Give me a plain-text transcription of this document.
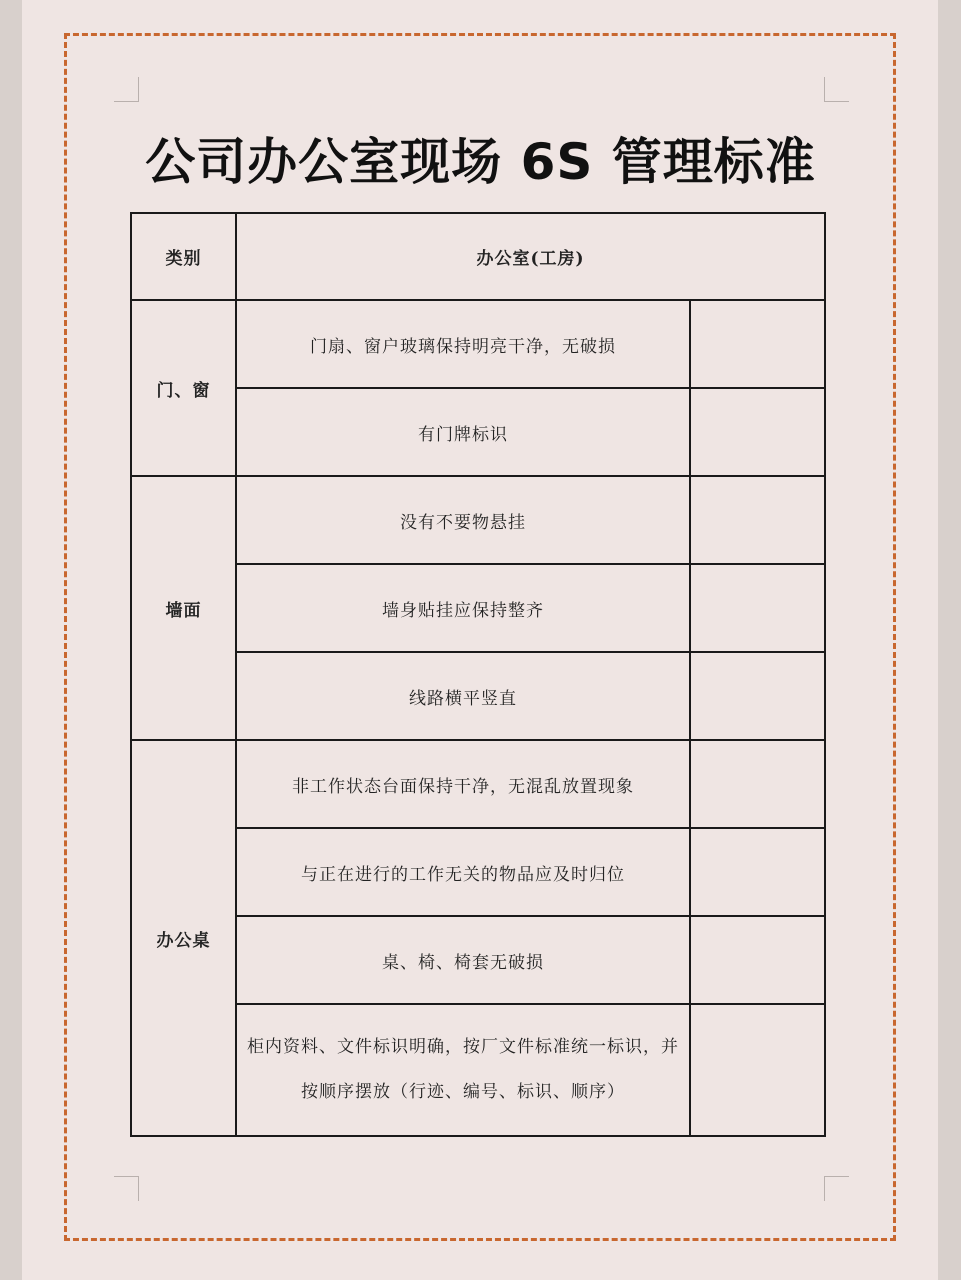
公司办公室现场 6S 管理标准
类别	办公室(工房)	
门、窗	门扇、窗户玻璃保持明亮干净，无破损	
	有门牌标识	
墙面	没有不要物悬挂	
	墙身贴挂应保持整齐	
	线路横平竖直	
办公桌	非工作状态台面保持干净，无混乱放置现象	
	与正在进行的工作无关的物品应及时归位	
	桌、椅、椅套无破损	
	柜内资料、文件标识明确，按厂文件标准统一标识，并按顺序摆放（行迹、编号、标识、顺序）	
